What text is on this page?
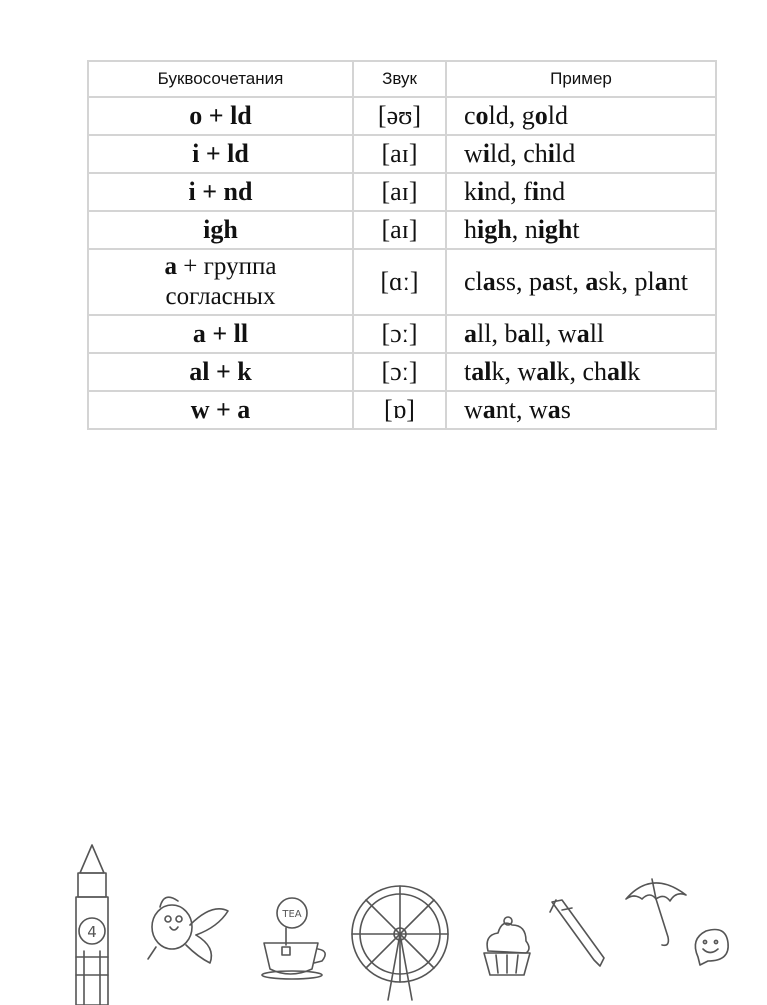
Буквосочетания	Звук	Пример
o + ld	[əʊ]	cold, gold
i + ld	[aɪ]	wild, child
i + nd	[aɪ]	kind, find
igh	[aɪ]	high, night
a + группа
согласных	[ɑː]	class, past, ask, plant
a + ll	[ɔː]	all, ball, wall
al + k	[ɔː]	talk, walk, chalk
w + a	[ɒ]	want, was
4
TEA
